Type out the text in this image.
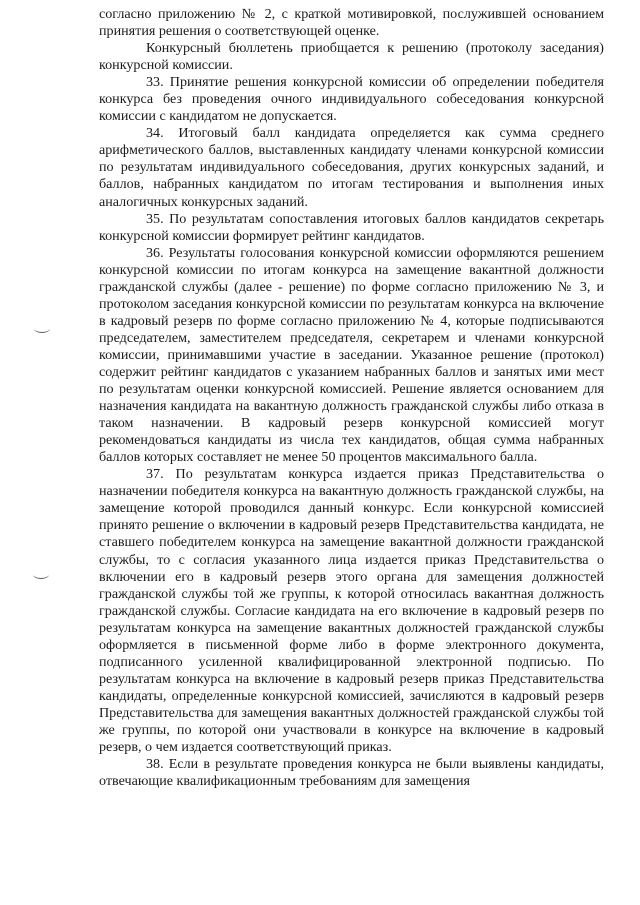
согласно приложению № 2, с краткой мотивировкой, послужившей основанием принятия решения о соответствующей оценке.

Конкурсный бюллетень приобщается к решению (протоколу заседания) конкурсной комиссии.

33. Принятие решения конкурсной комиссии об определении победителя конкурса без проведения очного индивидуального собеседования конкурсной комиссии с кандидатом не допускается.

34. Итоговый балл кандидата определяется как сумма среднего арифметического баллов, выставленных кандидату членами конкурсной комиссии по результатам индивидуального собеседования, других конкурсных заданий, и баллов, набранных кандидатом по итогам тестирования и выполнения иных аналогичных конкурсных заданий.

35. По результатам сопоставления итоговых баллов кандидатов секретарь конкурсной комиссии формирует рейтинг кандидатов.

36. Результаты голосования конкурсной комиссии оформляются решением конкурсной комиссии по итогам конкурса на замещение вакантной должности гражданской службы (далее - решение) по форме согласно приложению № 3, и протоколом заседания конкурсной комиссии по результатам конкурса на включение в кадровый резерв по форме согласно приложению № 4, которые подписываются председателем, заместителем председателя, секретарем и членами конкурсной комиссии, принимавшими участие в заседании. Указанное решение (протокол) содержит рейтинг кандидатов с указанием набранных баллов и занятых ими мест по результатам оценки конкурсной комиссией. Решение является основанием для назначения кандидата на вакантную должность гражданской службы либо отказа в таком назначении. В кадровый резерв конкурсной комиссией могут рекомендоваться кандидаты из числа тех кандидатов, общая сумма набранных баллов которых составляет не менее 50 процентов максимального балла.

37. По результатам конкурса издается приказ Представительства о назначении победителя конкурса на вакантную должность гражданской службы, на замещение которой проводился данный конкурс. Если конкурсной комиссией принято решение о включении в кадровый резерв Представительства кандидата, не ставшего победителем конкурса на замещение вакантной должности гражданской службы, то с согласия указанного лица издается приказ Представительства о включении его в кадровый резерв этого органа для замещения должностей гражданской службы той же группы, к которой относилась вакантная должность гражданской службы. Согласие кандидата на его включение в кадровый резерв по результатам конкурса на замещение вакантных должностей гражданской службы оформляется в письменной форме либо в форме электронного документа, подписанного усиленной квалифицированной электронной подписью. По результатам конкурса на включение в кадровый резерв приказ Представительства кандидаты, определенные конкурсной комиссией, зачисляются в кадровый резерв Представительства для замещения вакантных должностей гражданской службы той же группы, по которой они участвовали в конкурсе на включение в кадровый резерв, о чем издается соответствующий приказ.

38. Если в результате проведения конкурса не были выявлены кандидаты, отвечающие квалификационным требованиям для замещения
